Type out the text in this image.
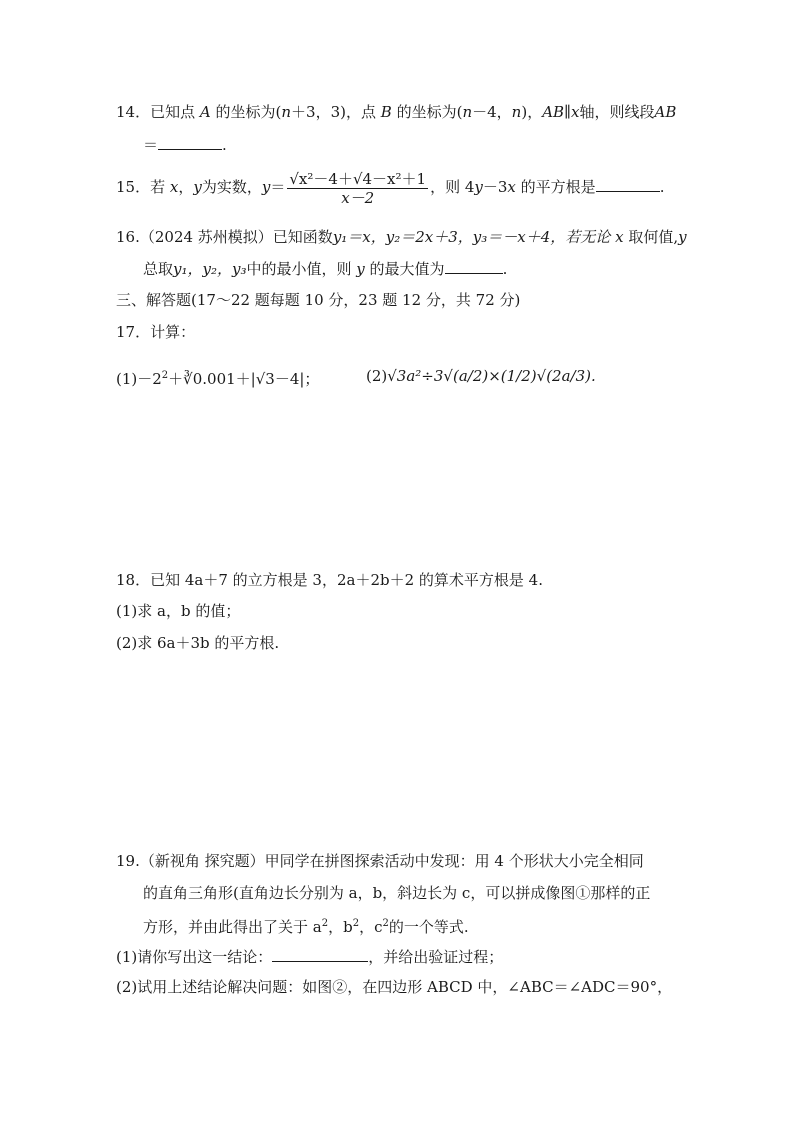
14．已知点 A 的坐标为(n＋3，3)，点 B 的坐标为(n－4，n)，AB∥x轴，则线段AB
＝	.
15．若 x，y为实数，$y= \frac{\text{√x²－4＋√4－x²＋1}}{x-2}$ ，则 4y－3x 的平方根是	.
16.（2024 苏州模拟）已知函数y₁＝x，y₂＝2x＋3，y₃＝－x＋4，若无论 x 取何值,y
总取y₁，y₂，y₃中的最小值，则 y 的最大值为	.
三、解答题(17～22 题每题 10 分，23 题 12 分，共 72 分)
17．计算：
$(1)-2^2+∛0.001+|√3-4|$；	(2)√3a²÷3√(a/2)×(1/2)√(2a/3).
18．已知 4a＋7 的立方根是 3，2a＋2b＋2 的算术平方根是 4.
(1)求 a，b 的值；
(2)求 6a＋3b 的平方根.
19.（新视角 探究题）甲同学在拼图探索活动中发现：用 4 个形状大小完全相同
的直角三角形(直角边长分别为 a，b，斜边长为 c，可以拼成像图①那样的正
方形，并由此得出了关于 $a^2$，$b^2$，$c^2$的一个等式.
(1)请你写出这一结论：	，并给出验证过程；
(2)试用上述结论解决问题：如图②，在四边形 ABCD 中，∠ABC＝∠ADC＝90°，
